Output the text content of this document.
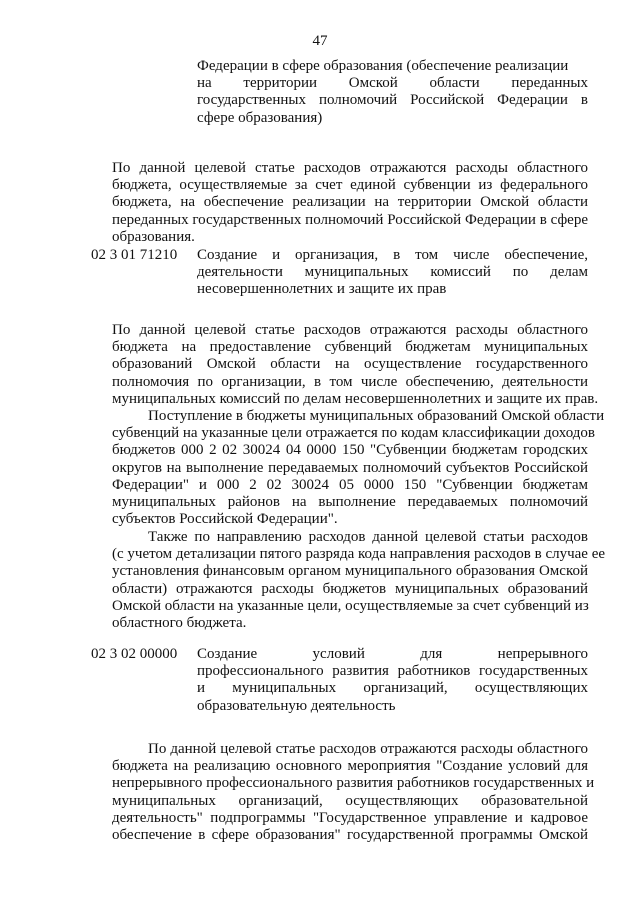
47
Федерации в сфере образования (обеспечение реализации
на территории Омской области переданных
государственных полномочий Российской Федерации в
сфере образования)
По данной целевой статье расходов отражаются расходы областного
бюджета, осуществляемые за счет единой субвенции из федерального
бюджета, на обеспечение реализации на территории Омской области
переданных государственных полномочий Российской Федерации в сфере
образования.
02 3 01 71210 Создание и организация, в том числе обеспечение,
деятельности муниципальных комиссий по делам
несовершеннолетних и защите их прав
По данной целевой статье расходов отражаются расходы областного
бюджета на предоставление субвенций бюджетам муниципальных
образований Омской области на осуществление государственного
полномочия по организации, в том числе обеспечению, деятельности
муниципальных комиссий по делам несовершеннолетних и защите их прав.
Поступление в бюджеты муниципальных образований Омской области
субвенций на указанные цели отражается по кодам классификации доходов
бюджетов 000 2 02 30024 04 0000 150 "Субвенции бюджетам городских
округов на выполнение передаваемых полномочий субъектов Российской
Федерации" и 000 2 02 30024 05 0000 150 "Субвенции бюджетам
муниципальных районов на выполнение передаваемых полномочий
субъектов Российской Федерации".
Также по направлению расходов данной целевой статьи расходов
(с учетом детализации пятого разряда кода направления расходов в случае ее
установления финансовым органом муниципального образования Омской
области) отражаются расходы бюджетов муниципальных образований
Омской области на указанные цели, осуществляемые за счет субвенций из
областного бюджета.
02 3 02 00000 Создание условий для непрерывного
профессионального развития работников государственных
и муниципальных организаций, осуществляющих
образовательную деятельность
По данной целевой статье расходов отражаются расходы областного
бюджета на реализацию основного мероприятия "Создание условий для
непрерывного профессионального развития работников государственных и
муниципальных организаций, осуществляющих образовательной
деятельность" подпрограммы "Государственное управление и кадровое
обеспечение в сфере образования" государственной программы Омской
